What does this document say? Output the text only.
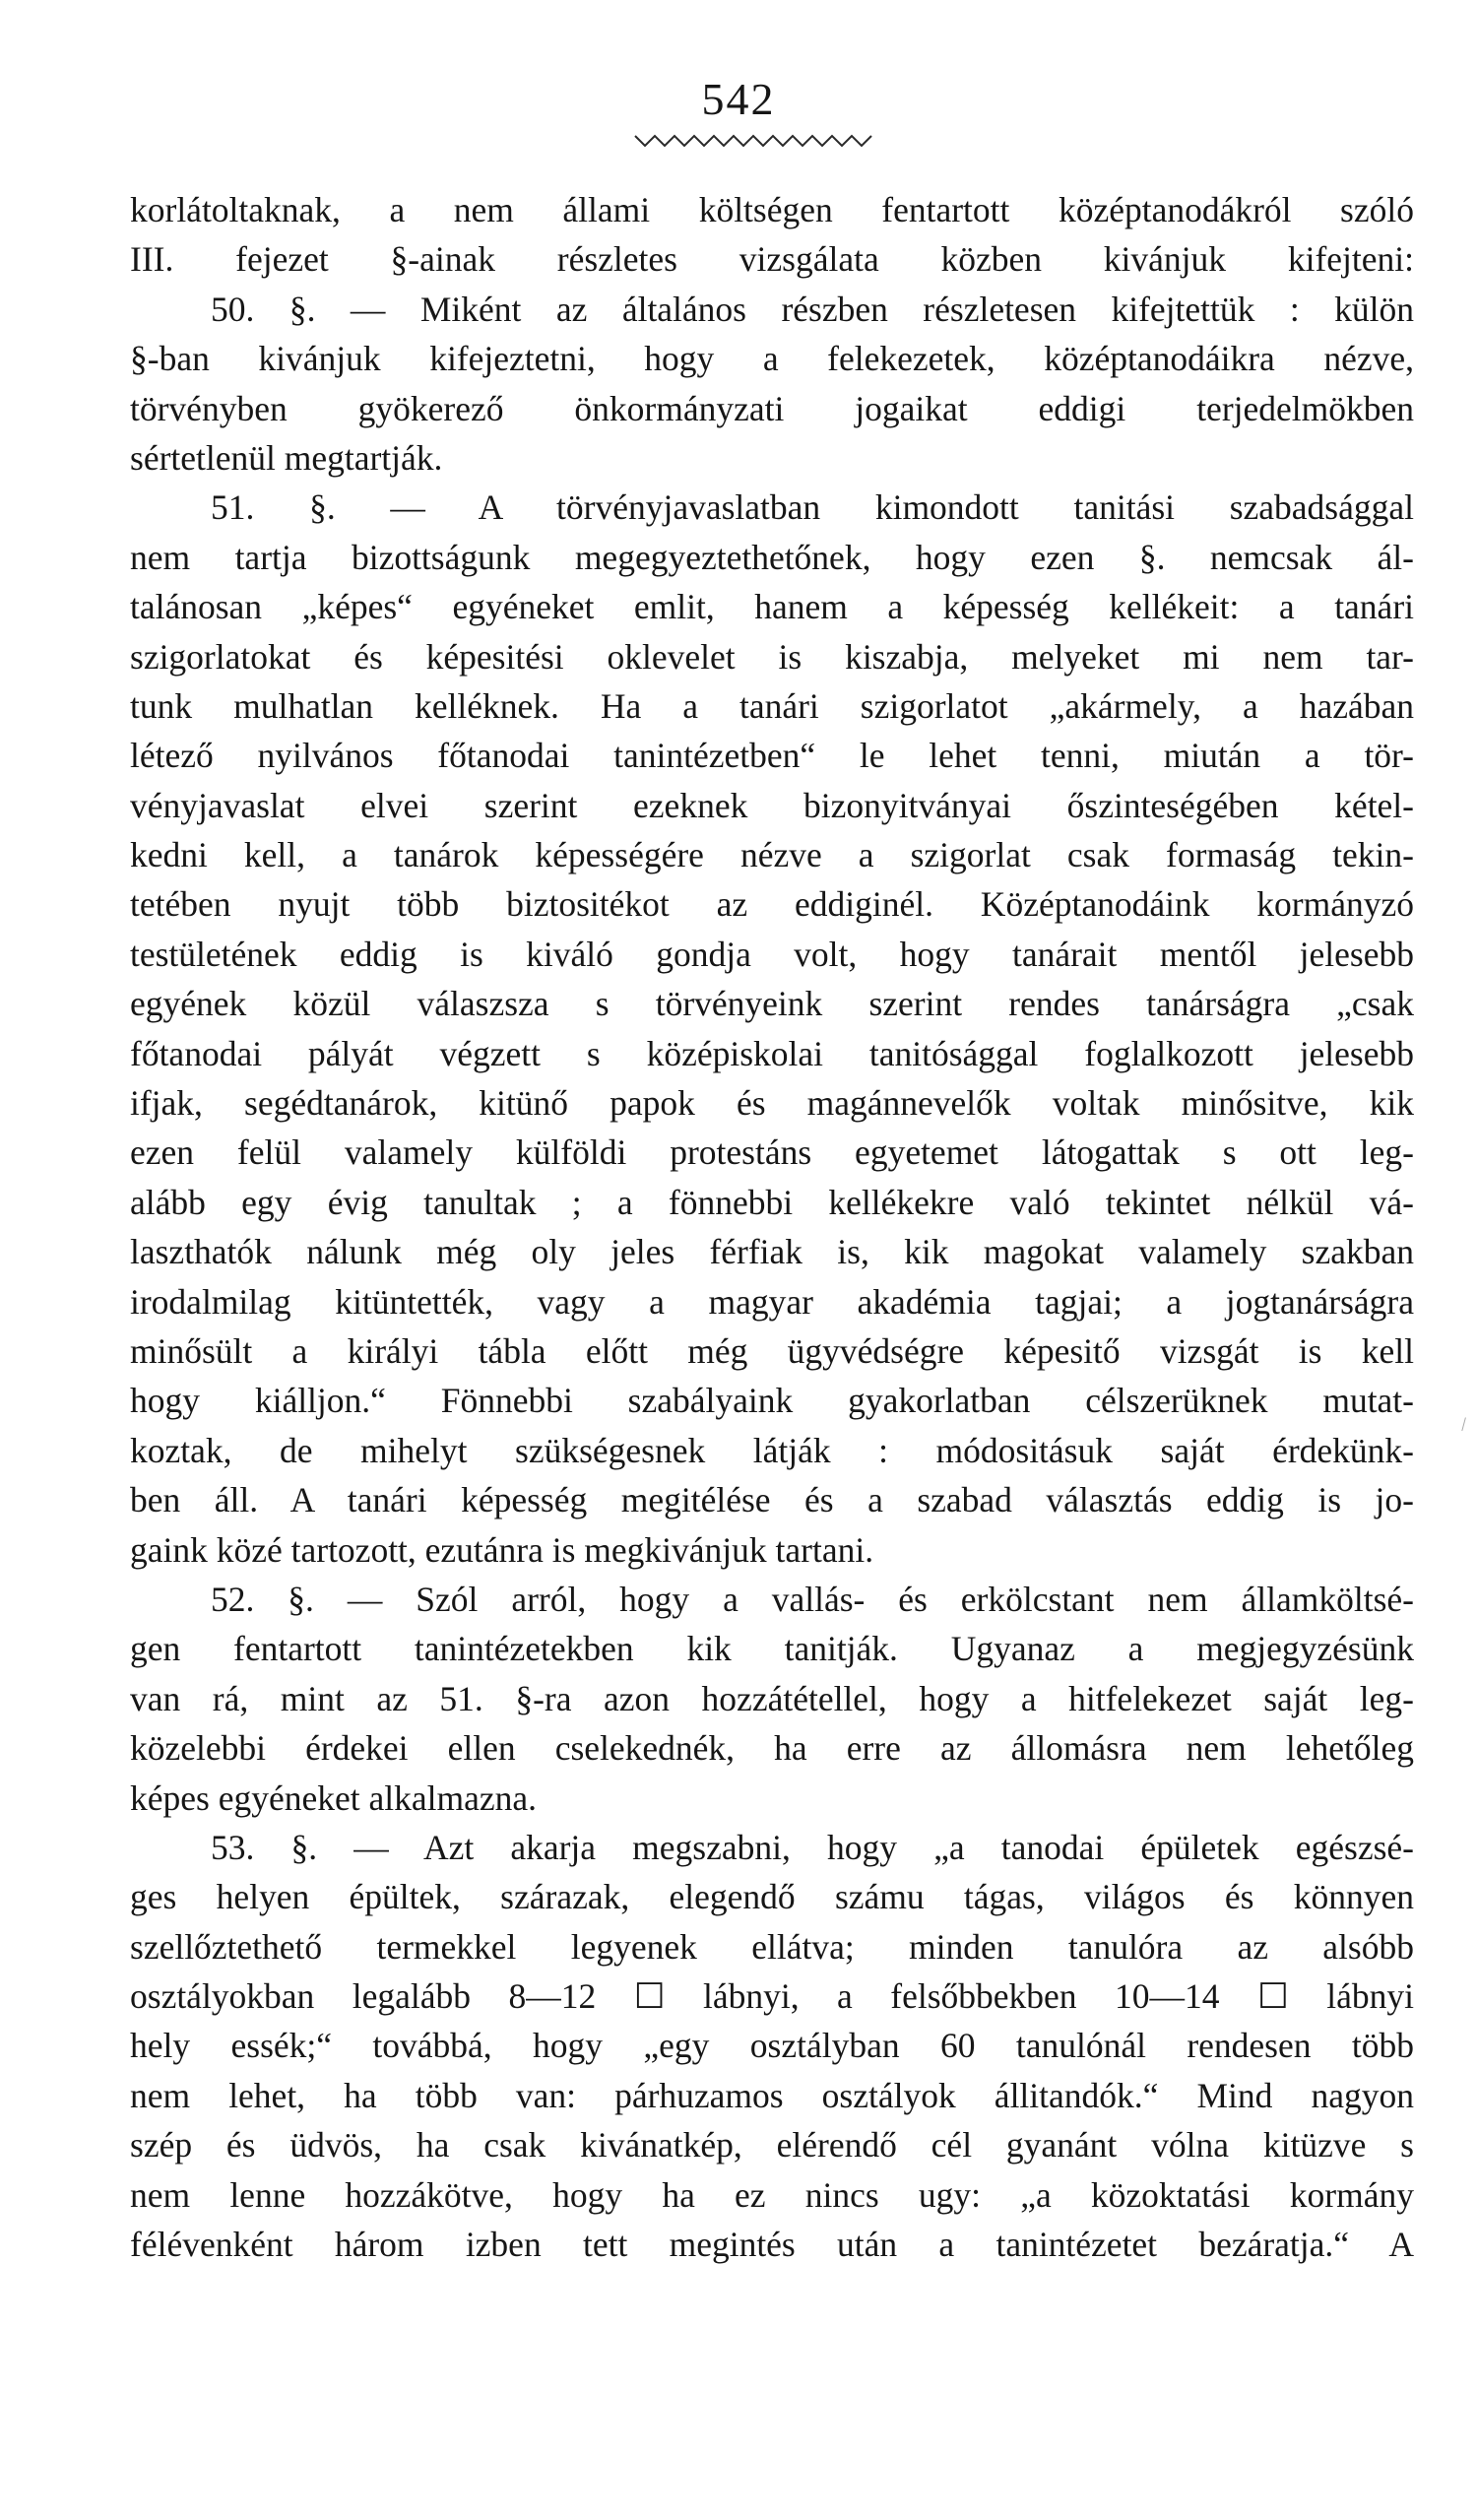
542
korlátoltaknak, a nem állami költségen fentartott középtanodákról szóló
III. fejezet §-ainak részletes vizsgálata közben kivánjuk kifejteni:
50. §. — Miként az általános részben részletesen kifejtettük : külön
§-ban kivánjuk kifejeztetni, hogy a felekezetek, középtanodáikra nézve,
törvényben gyökerező önkormányzati jogaikat eddigi terjedelmökben
sértetlenül megtartják.
51. §. — A törvényjavaslatban kimondott tanitási szabadsággal
nem tartja bizottságunk megegyeztethetőnek, hogy ezen §. nemcsak ál-
talánosan „képes“ egyéneket emlit, hanem a képesség kellékeit: a tanári
szigorlatokat és képesitési oklevelet is kiszabja, melyeket mi nem tar-
tunk mulhatlan kelléknek. Ha a tanári szigorlatot „akármely, a hazában
létező nyilvános főtanodai tanintézetben“ le lehet tenni, miután a tör-
vényjavaslat elvei szerint ezeknek bizonyitványai őszinteségében kétel-
kedni kell, a tanárok képességére nézve a szigorlat csak formaság tekin-
tetében nyujt több biztositékot az eddiginél. Középtanodáink kormányzó
testületének eddig is kiváló gondja volt, hogy tanárait mentől jelesebb
egyének közül válaszsza s törvényeink szerint rendes tanárságra „csak
főtanodai pályát végzett s középiskolai tanitósággal foglalkozott jelesebb
ifjak, segédtanárok, kitünő papok és magánnevelők voltak minősitve, kik
ezen felül valamely külföldi protestáns egyetemet látogattak s ott leg-
alább egy évig tanultak ; a fönnebbi kellékekre való tekintet nélkül vá-
laszthatók nálunk még oly jeles férfiak is, kik magokat valamely szakban
irodalmilag kitüntették, vagy a magyar akadémia tagjai; a jogtanárságra
minősült a királyi tábla előtt még ügyvédségre képesitő vizsgát is kell
hogy kiálljon.“ Fönnebbi szabályaink gyakorlatban célszerüknek mutat-
koztak, de mihelyt szükségesnek látják : módositásuk saját érdekünk-
ben áll. A tanári képesség megitélése és a szabad választás eddig is jo-
gaink közé tartozott, ezutánra is megkivánjuk tartani.
52. §. — Szól arról, hogy a vallás- és erkölcstant nem államköltsé-
gen fentartott tanintézetekben kik tanitják. Ugyanaz a megjegyzésünk
van rá, mint az 51. §-ra azon hozzátétellel, hogy a hitfelekezet saját leg-
közelebbi érdekei ellen cselekednék, ha erre az állomásra nem lehetőleg
képes egyéneket alkalmazna.
53. §. — Azt akarja megszabni, hogy „a tanodai épületek egészsé-
ges helyen épültek, szárazak, elegendő számu tágas, világos és könnyen
szellőztethető termekkel legyenek ellátva; minden tanulóra az alsóbb
osztályokban legalább 8—12 ☐ lábnyi, a felsőbbekben 10—14 ☐ lábnyi
hely essék;“ továbbá, hogy „egy osztályban 60 tanulónál rendesen több
nem lehet, ha több van: párhuzamos osztályok állitandók.“ Mind nagyon
szép és üdvös, ha csak kivánatkép, elérendő cél gyanánt vólna kitüzve s
nem lenne hozzákötve, hogy ha ez nincs ugy: „a közoktatási kormány
félévenként három izben tett megintés után a tanintézetet bezáratja.“ A
